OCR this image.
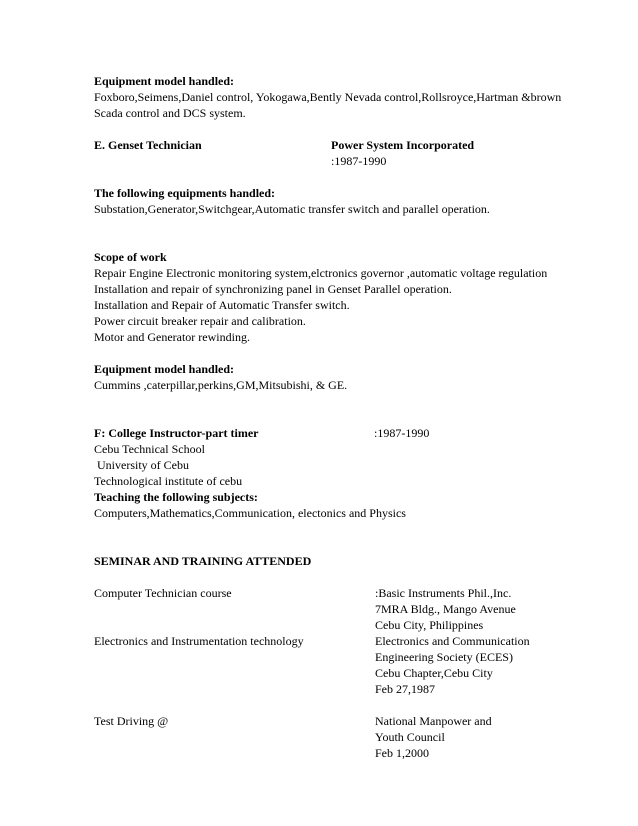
Equipment model handled:
Foxboro,Seimens,Daniel control, Yokogawa,Bently Nevada control,Rollsroyce,Hartman &brown
Scada control and DCS system.
E. Genset Technician	Power System Incorporated
:1987-1990
The following equipments handled:
Substation,Generator,Switchgear,Automatic transfer switch and parallel operation.
Scope of work
Repair Engine Electronic monitoring system,elctronics governor ,automatic voltage regulation
Installation and repair of synchronizing panel in Genset Parallel operation.
Installation and Repair of Automatic Transfer switch.
Power circuit breaker repair and calibration.
Motor and Generator rewinding.
Equipment model handled:
Cummins ,caterpillar,perkins,GM,Mitsubishi, & GE.
F: College Instructor-part timer	:1987-1990
Cebu Technical School
University of Cebu
Technological institute of cebu
Teaching the following subjects:
Computers,Mathematics,Communication, electonics and Physics
SEMINAR AND TRAINING ATTENDED
Computer Technician course	:Basic Instruments Phil.,Inc.
7MRA Bldg., Mango Avenue
Cebu City, Philippines
Electronics and Instrumentation technology	Electronics and Communication
Engineering Society (ECES)
Cebu Chapter,Cebu City
Feb 27,1987
Test Driving @	National Manpower and
Youth Council
Feb 1,2000
